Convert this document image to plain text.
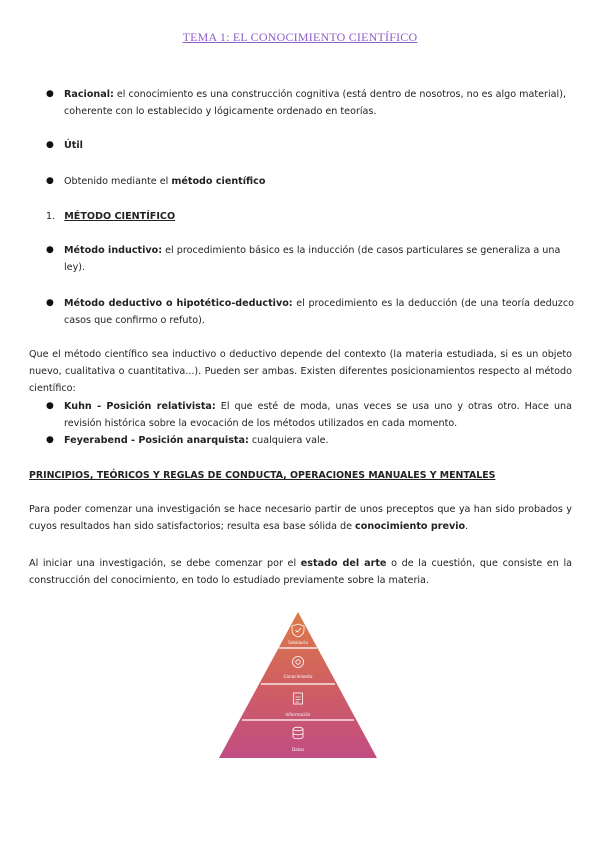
TEMA 1: EL CONOCIMIENTO CIENTÍFICO
● Racional: el conocimiento es una construcción cognitiva (está dentro de nosotros, no es algo material), coherente con lo establecido y lógicamente ordenado en teorías.
● Útil
● Obtenido mediante el método científico
1. MÉTODO CIENTÍFICO
● Método inductivo: el procedimiento básico es la inducción (de casos particulares se generaliza a una ley).
● Método deductivo o hipotético-deductivo: el procedimiento es la deducción (de una teoría deduzco casos que confirmo o refuto).
Que el método científico sea inductivo o deductivo depende del contexto (la materia estudiada, si es un objeto nuevo, cualitativa o cuantitativa...). Pueden ser ambas. Existen diferentes posicionamientos respecto al método científico:
● Kuhn - Posición relativista: El que esté de moda, unas veces se usa uno y otras otro. Hace una revisión histórica sobre la evocación de los métodos utilizados en cada momento.
● Feyerabend - Posición anarquista: cualquiera vale.
PRINCIPIOS, TEÓRICOS Y REGLAS DE CONDUCTA, OPERACIONES MANUALES Y MENTALES
Para poder comenzar una investigación se hace necesario partir de unos preceptos que ya han sido probados y cuyos resultados han sido satisfactorios; resulta esa base sólida de conocimiento previo.
Al iniciar una investigación, se debe comenzar por el estado del arte o de la cuestión, que consiste en la construcción del conocimiento, en todo lo estudiado previamente sobre la materia.
Sabiduría
Conocimiento
Información
Datos
